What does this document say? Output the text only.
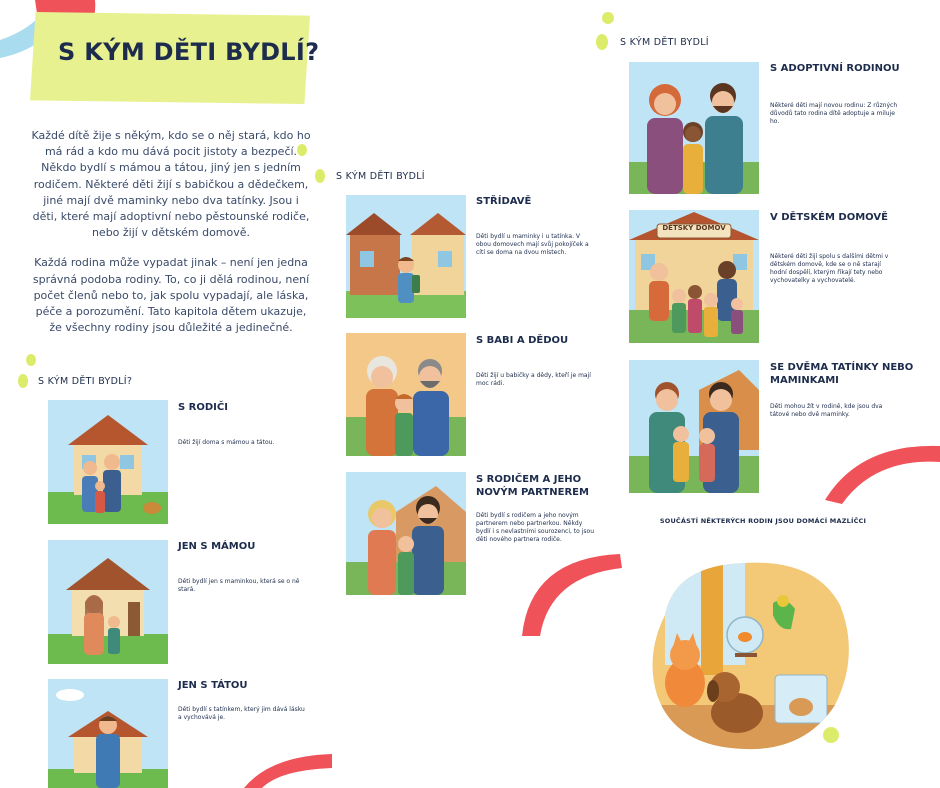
S KÝM DĚTI BYDLÍ?

Každé dítě žije s někým, kdo se o něj stará, kdo ho má rád a kdo mu dává pocit jistoty a bezpečí. Někdo bydlí s mámou a tátou, jiný jen s jedním rodičem. Některé děti žijí s babičkou a dědečkem, jiné mají dvě maminky nebo dva tatínky. Jsou i děti, které mají adoptivní nebo pěstounské rodiče, nebo žijí v dětském domově.

Každá rodina může vypadat jinak – není jen jedna správná podoba rodiny. To, co ji dělá rodinou, není počet členů nebo to, jak spolu vypadají, ale láska, péče a porozumění. Tato kapitola dětem ukazuje, že všechny rodiny jsou důležité a jedinečné.

S KÝM DĚTI BYDLÍ?
S RODIČI
Děti žijí doma s mámou a tátou.
JEN S MÁMOU
Děti bydlí jen s maminkou, která se o ně stará.
JEN S TÁTOU
Děti bydlí s tatínkem, který jim dává lásku a vychovává je.
S KÝM DĚTI BYDLÍ
STŘÍDAVĚ
Děti bydlí u maminky i u tatínka. V obou domovech mají svůj pokojíček a cítí se doma na dvou místech.
S BABI A DĚDOU
Děti žijí u babičky a dědy, kteří je mají moc rádi.
S RODIČEM A JEHO NOVÝM PARTNEREM
Děti bydlí s rodičem a jeho novým partnerem nebo partnerkou. Někdy bydlí i s nevlastními sourozenci, to jsou děti nového partnera rodiče.
S KÝM DĚTI BYDLÍ
S ADOPTIVNÍ RODINOU
Některé děti mají novou rodinu: Z různých důvodů tato rodina dítě adoptuje a miluje ho.
DĚTSKÝ DOMOV
V DĚTSKÉM DOMOVĚ
Některé děti žijí spolu s dalšími dětmi v dětském domově, kde se o ně starají hodní dospělí, kterým říkají tety nebo vychovatelky a vychovatelé.
SE DVĚMA TATÍNKY NEBO MAMINKAMI
Děti mohou žít v rodině, kde jsou dva tátové nebo dvě maminky.
SOUČÁSTÍ NĚKTERÝCH RODIN JSOU DOMÁCÍ MAZLÍČCI
